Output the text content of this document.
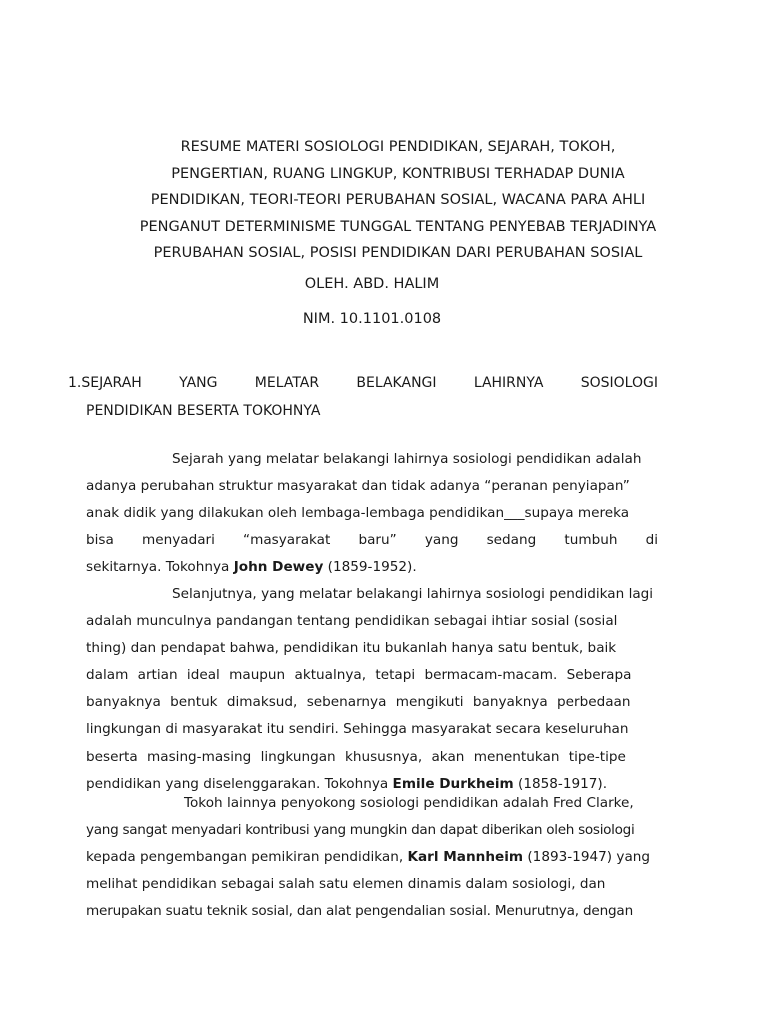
RESUME MATERI SOSIOLOGI PENDIDIKAN, SEJARAH, TOKOH,
PENGERTIAN, RUANG LINGKUP, KONTRIBUSI TERHADAP DUNIA
PENDIDIKAN, TEORI-TEORI PERUBAHAN SOSIAL, WACANA PARA AHLI
PENGANUT DETERMINISME TUNGGAL TENTANG PENYEBAB TERJADINYA
PERUBAHAN SOSIAL, POSISI PENDIDIKAN DARI PERUBAHAN SOSIAL
OLEH. ABD. HALIM
NIM. 10.1101.0108
1.SEJARAH	YANG	MELATAR	BELAKANGI	LAHIRNYA	SOSIOLOGI
PENDIDIKAN BESERTA TOKOHNYA
Sejarah yang melatar belakangi lahirnya sosiologi pendidikan adalah
adanya perubahan struktur masyarakat dan tidak adanya “peranan penyiapan”
anak didik yang dilakukan oleh lembaga-lembaga pendidikan___supaya mereka
bisa menyadari “masyarakat baru” yang sedang tumbuh di
sekitarnya. Tokohnya John Dewey (1859-1952).
Selanjutnya, yang melatar belakangi lahirnya sosiologi pendidikan lagi
adalah munculnya pandangan tentang pendidikan sebagai ihtiar sosial (sosial
thing) dan pendapat bahwa, pendidikan itu bukanlah hanya satu bentuk, baik
dalam artian ideal maupun aktualnya, tetapi bermacam-macam. Seberapa
banyaknya bentuk dimaksud, sebenarnya mengikuti banyaknya perbedaan
lingkungan di masyarakat itu sendiri. Sehingga masyarakat secara keseluruhan
beserta masing-masing lingkungan khususnya, akan menentukan tipe-tipe
pendidikan yang diselenggarakan. Tokohnya Emile Durkheim (1858-1917).
Tokoh lainnya penyokong sosiologi pendidikan adalah Fred Clarke,
yang sangat menyadari kontribusi yang mungkin dan dapat diberikan oleh sosiologi
kepada pengembangan pemikiran pendidikan, Karl Mannheim (1893-1947) yang
melihat pendidikan sebagai salah satu elemen dinamis dalam sosiologi, dan
merupakan suatu teknik sosial, dan alat pengendalian sosial. Menurutnya, dengan
